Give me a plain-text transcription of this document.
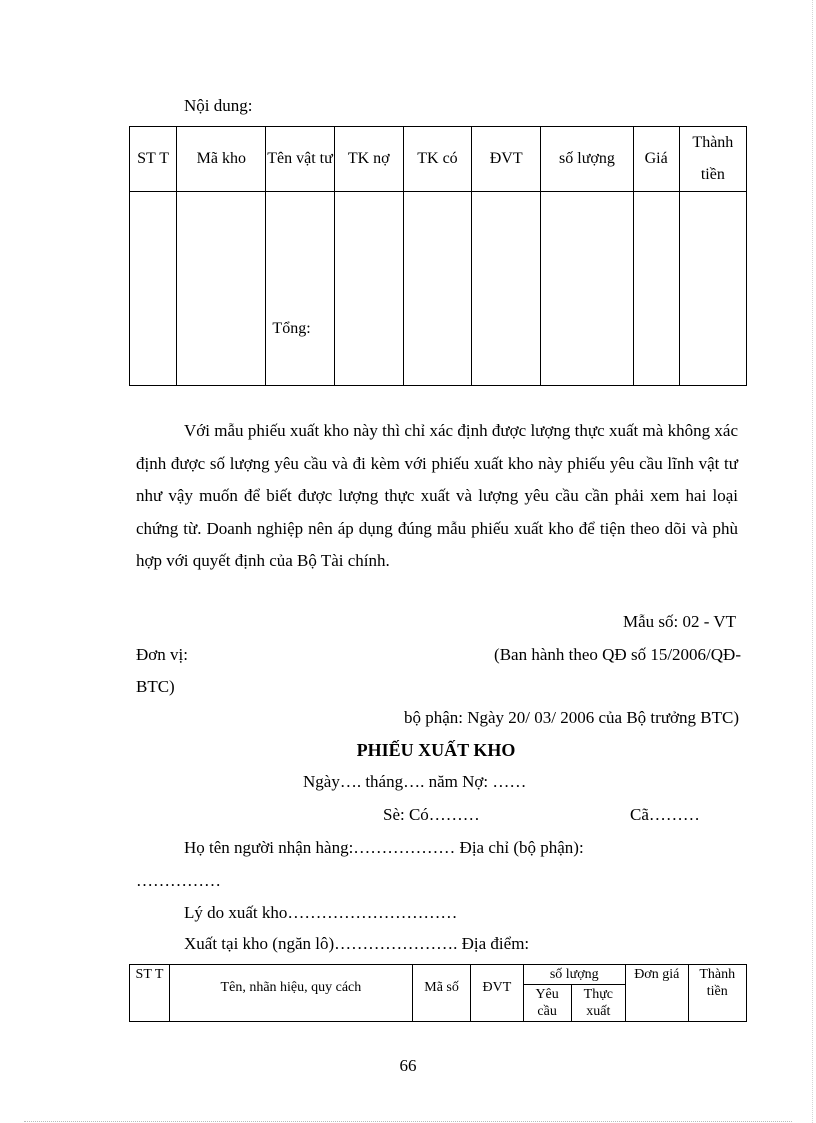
Nội dung:
ST T	Mã kho	Tên vật tư	TK nợ	TK có	ĐVT	số lượng	Giá	Thành tiền

		Tổng:						

Với mẫu phiếu xuất kho này thì chỉ xác định được lượng thực xuất mà không xác định được số lượng yêu cầu và đi kèm với phiếu xuất kho này phiếu yêu cầu lĩnh vật tư như vậy muốn để biết được lượng thực xuất và lượng yêu cầu cần phải xem hai loại chứng từ. Doanh nghiệp nên áp dụng đúng mẫu phiếu xuất kho để tiện theo dõi và phù hợp với quyết định của Bộ Tài chính.
Mẫu số: 02 - VT
Đơn vị:	(Ban hành theo QĐ số 15/2006/QĐ-
BTC)
bộ phận: Ngày 20/ 03/ 2006 của Bộ trưởng BTC)
PHIẾU XUẤT KHO
Ngày…. tháng…. năm Nợ: ……
Sè: Có………	Cã………
Họ tên người nhận hàng:……………… Địa chỉ (bộ phận):
……………
Lý do xuất kho…………………………
Xuất tại kho (ngăn lô)…………………. Địa điểm:
ST T	Tên, nhãn hiệu, quy cách	Mã số	ĐVT	số lượng		Đơn giá	Thành tiền
				Yêu cầu	Thực xuất		
66
